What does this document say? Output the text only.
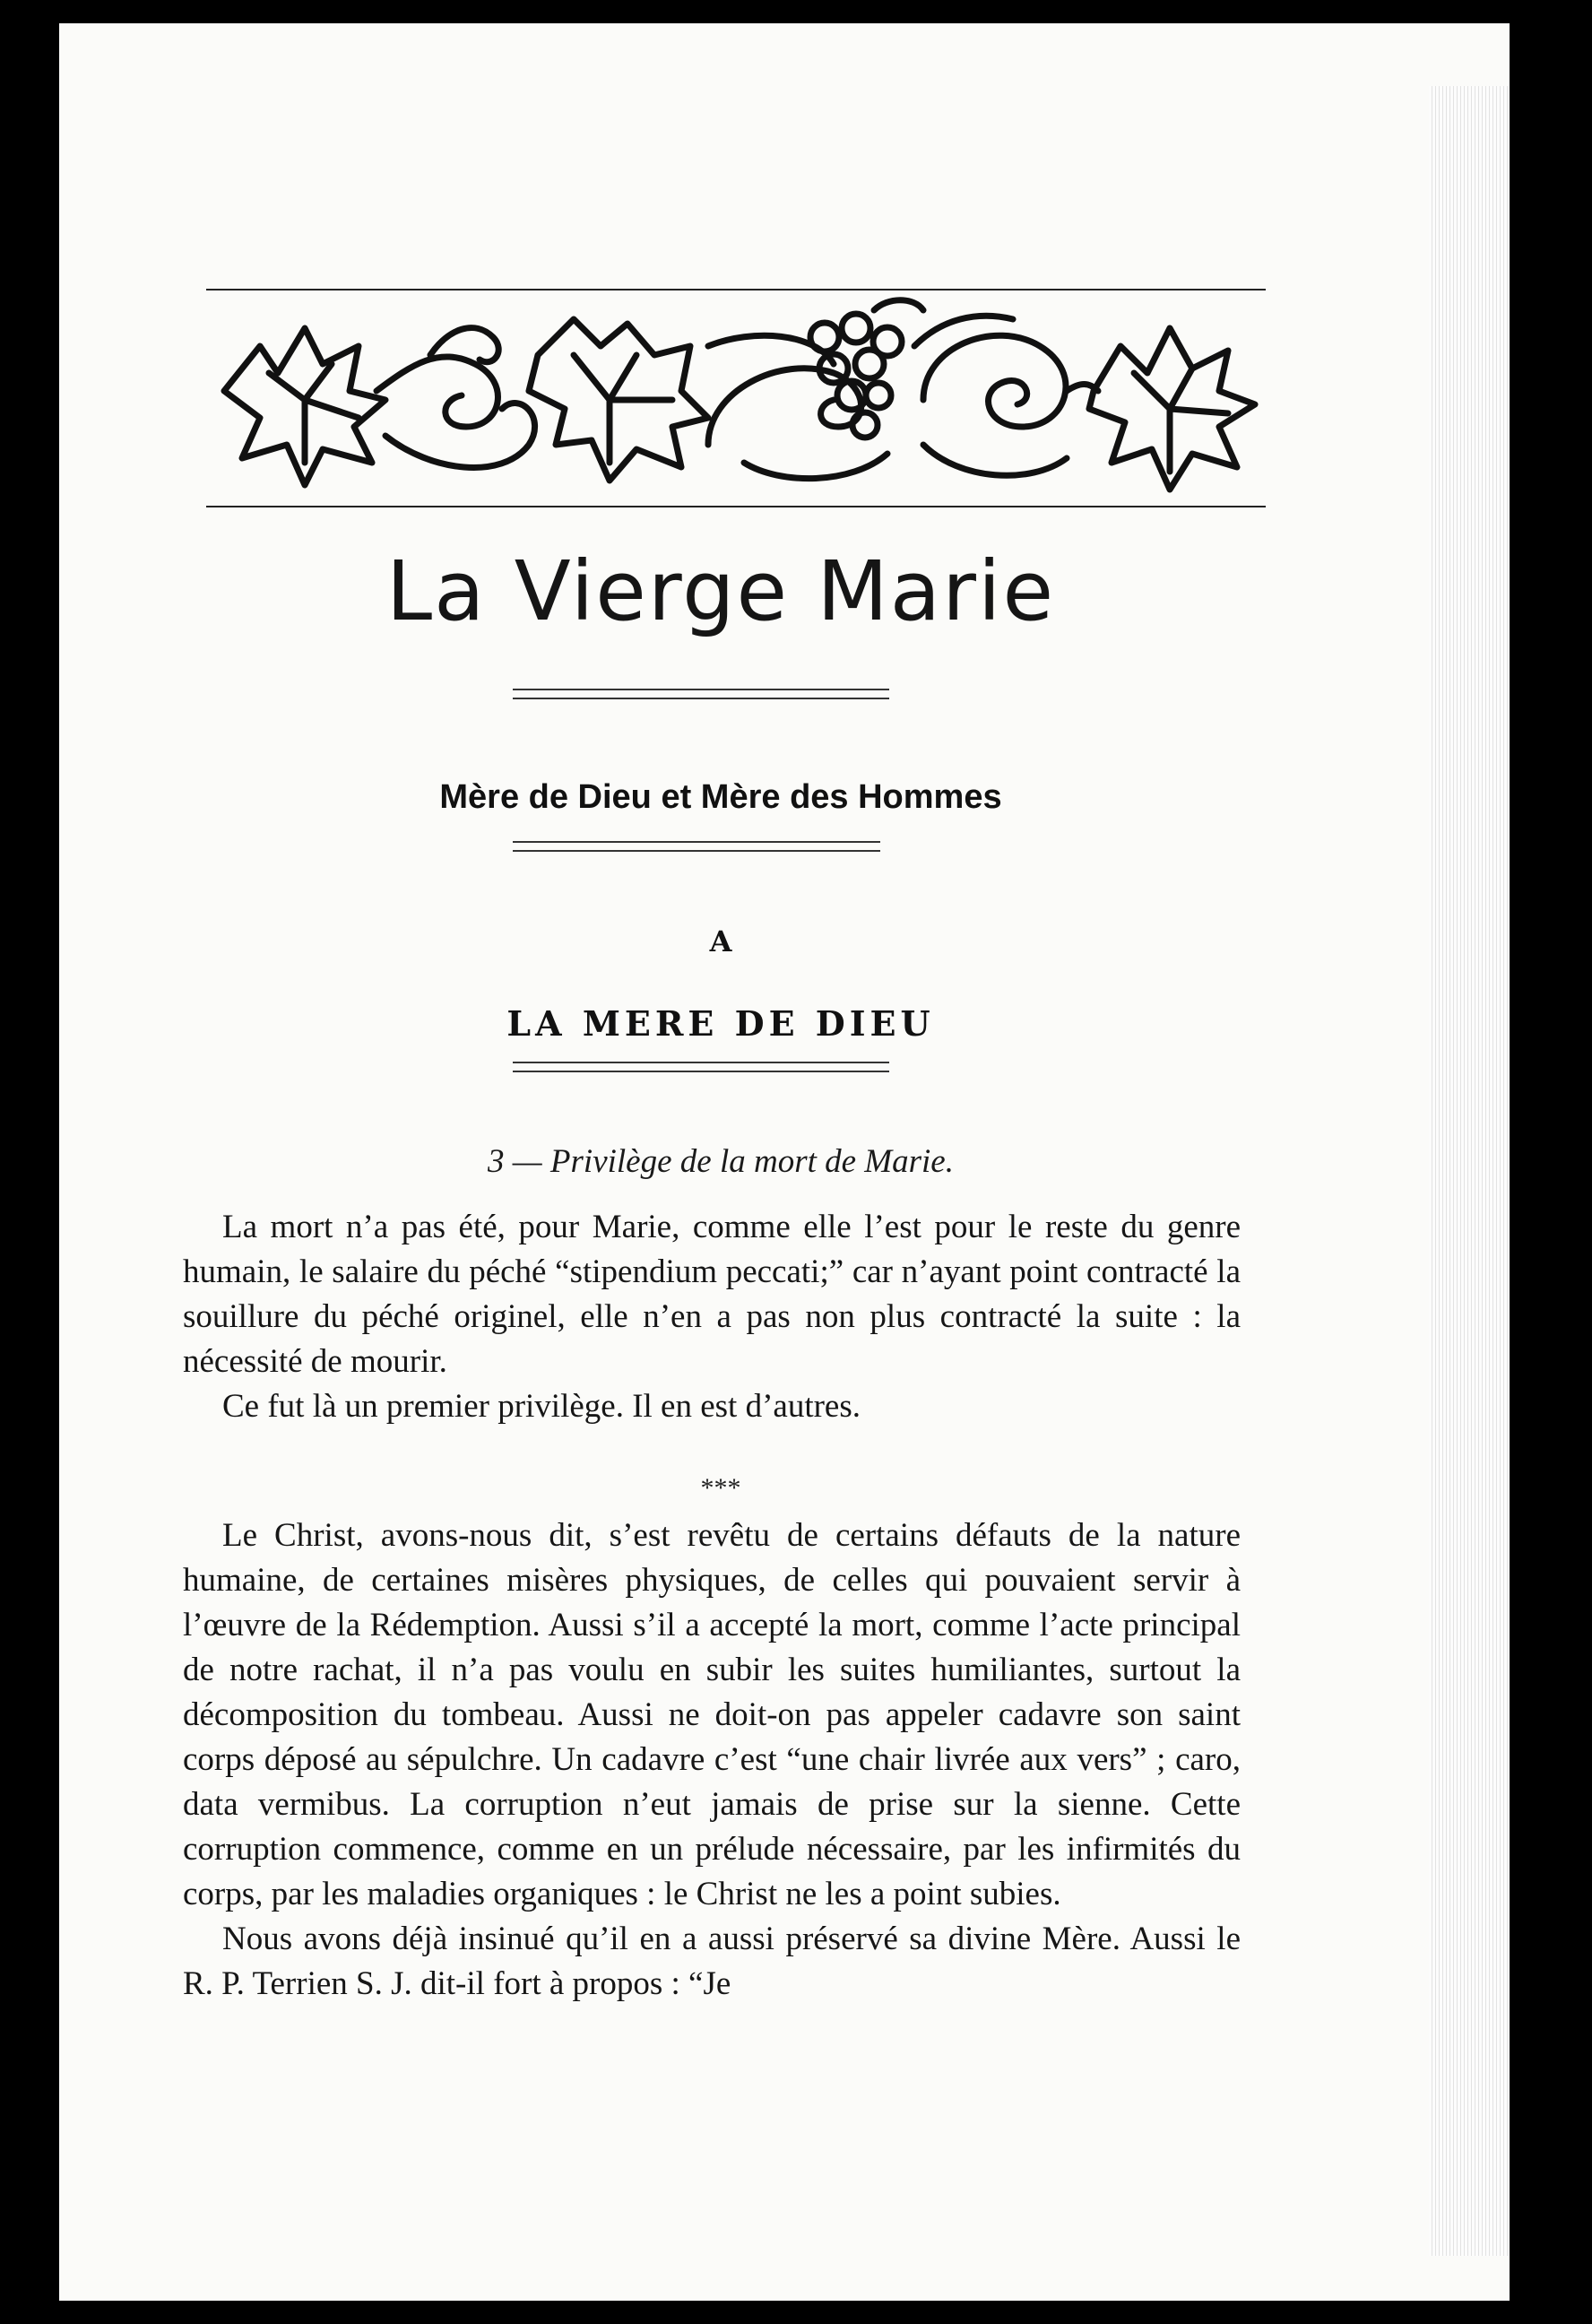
La Vierge Marie
Mère de Dieu et Mère des Hommes
A
LA MERE DE DIEU
3 — Privilège de la mort de Marie.

La mort n’a pas été, pour Marie, comme elle l’est pour le reste du genre humain, le salaire du péché “stipendium peccati;” car n’ayant point contracté la souillure du péché originel, elle n’en a pas non plus contracté la suite : la nécessité de mourir.

Ce fut là un premier privilège. Il en est d’autres.

***

Le Christ, avons-nous dit, s’est revêtu de certains défauts de la nature humaine, de certaines misères physiques, de celles qui pouvaient servir à l’œuvre de la Rédemption. Aussi s’il a accepté la mort, comme l’acte principal de notre rachat, il n’a pas voulu en subir les suites humiliantes, surtout la décomposition du tombeau. Aussi ne doit-on pas appeler cadavre son saint corps déposé au sépulchre. Un cadavre c’est “une chair livrée aux vers” ; caro, data vermibus. La corruption n’eut jamais de prise sur la sienne. Cette corruption commence, comme en un prélude nécessaire, par les infirmités du corps, par les maladies organiques : le Christ ne les a point subies.

Nous avons déjà insinué qu’il en a aussi préservé sa divine Mère. Aussi le R. P. Terrien S. J. dit-il fort à propos : “Je
